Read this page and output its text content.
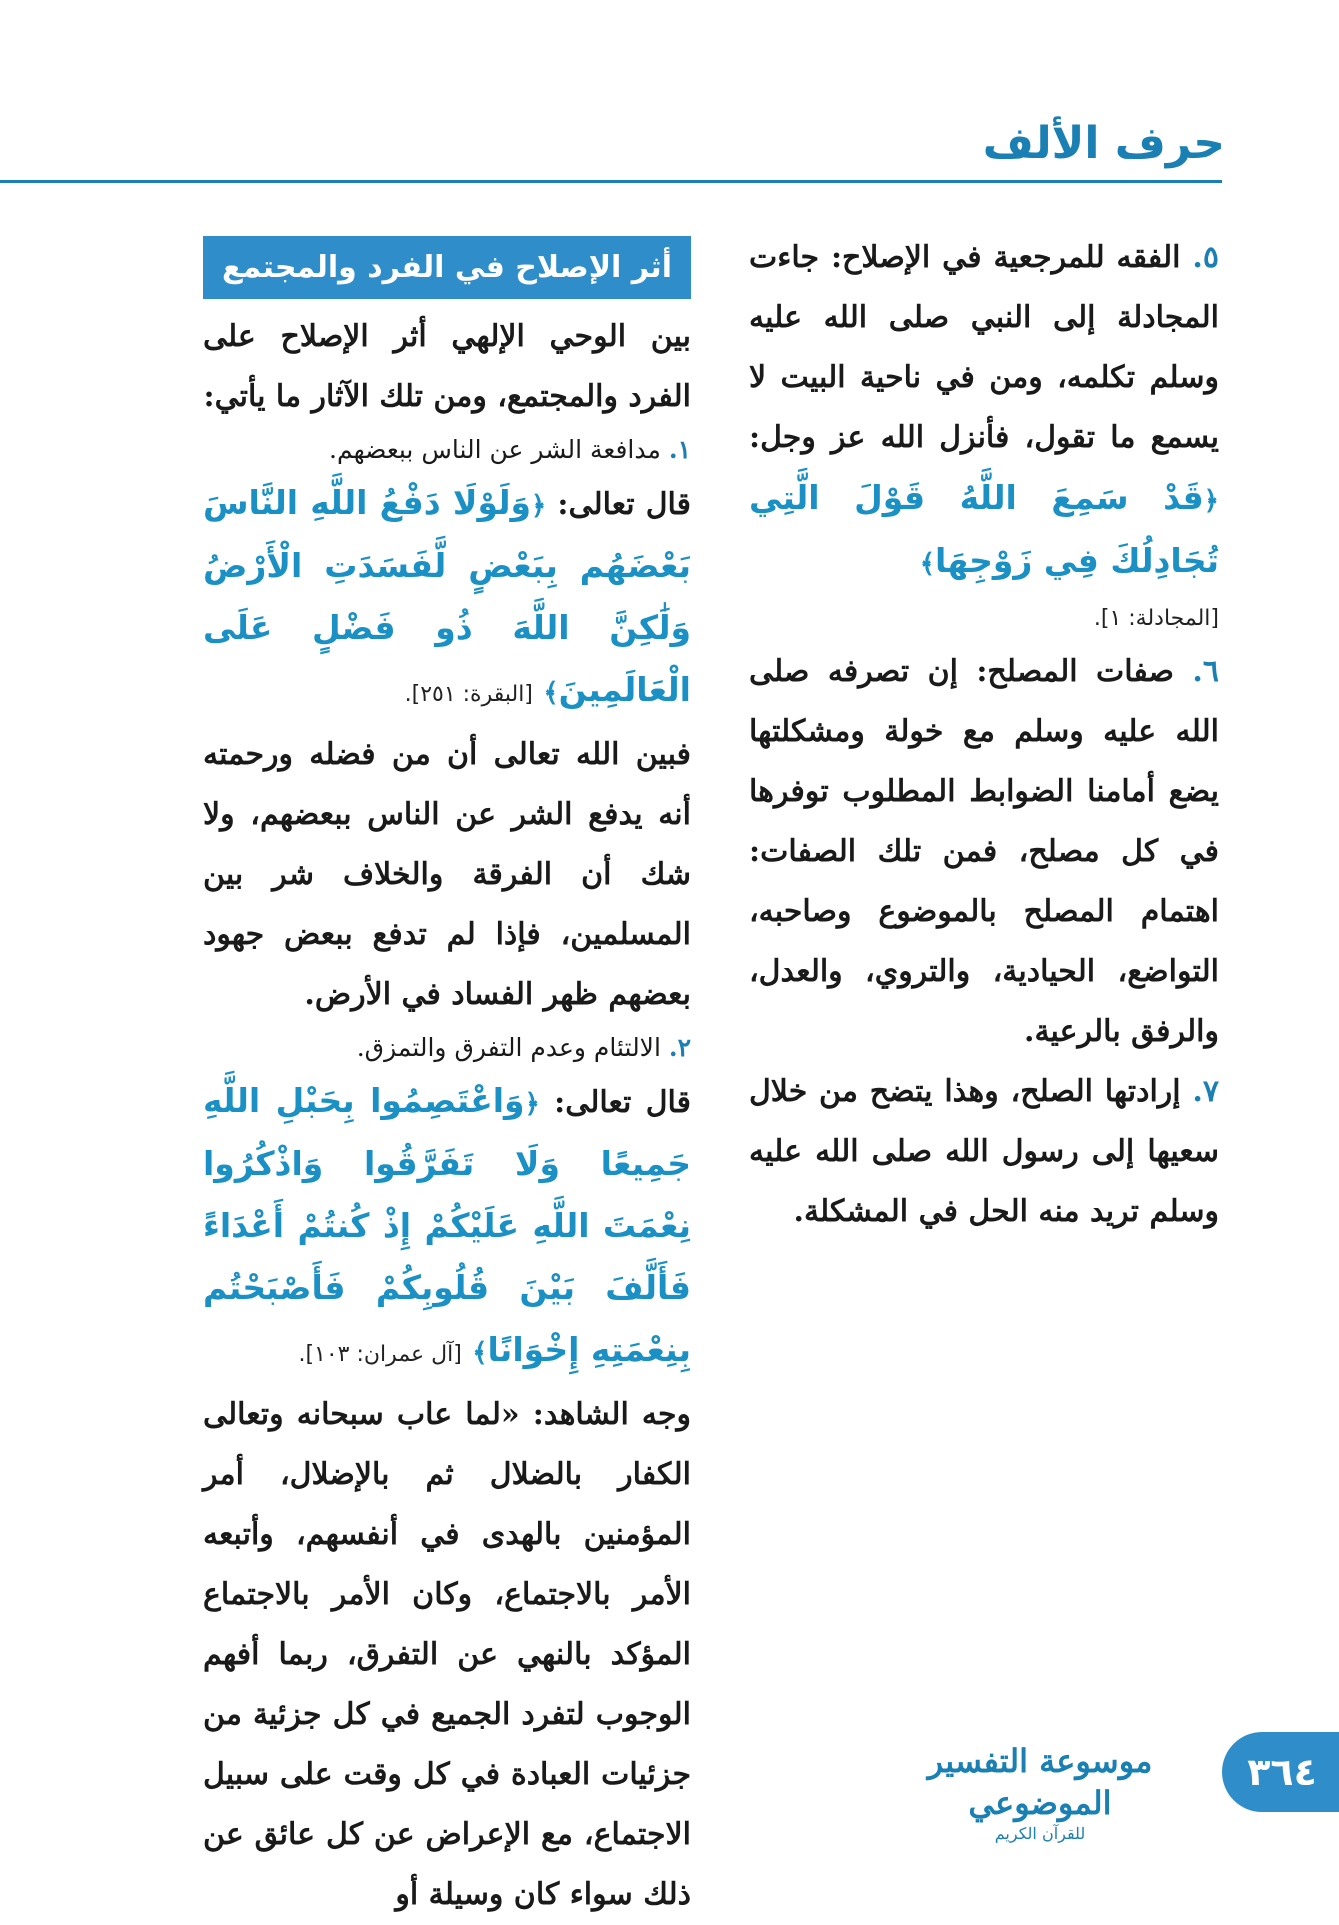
حرف الألف

٥. الفقه للمرجعية في الإصلاح: جاءت المجادلة إلى النبي صلى الله عليه وسلم تكلمه، ومن في ناحية البيت لا يسمع ما تقول، فأنزل الله عز وجل: ﴿قَدْ سَمِعَ اللَّهُ قَوْلَ الَّتِي تُجَادِلُكَ فِي زَوْجِهَا﴾

[المجادلة: ١].

٦. صفات المصلح: إن تصرفه صلى الله عليه وسلم مع خولة ومشكلتها يضع أمامنا الضوابط المطلوب توفرها في كل مصلح، فمن تلك الصفات: اهتمام المصلح بالموضوع وصاحبه، التواضع، الحيادية، والتروي، والعدل، والرفق بالرعية.

٧. إرادتها الصلح، وهذا يتضح من خلال سعيها إلى رسول الله صلى الله عليه وسلم تريد منه الحل في المشكلة.

أثر الإصلاح في الفرد والمجتمع

بين الوحي الإلهي أثر الإصلاح على الفرد والمجتمع، ومن تلك الآثار ما يأتي:

١. مدافعة الشر عن الناس ببعضهم.

قال تعالى: ﴿وَلَوْلَا دَفْعُ اللَّهِ النَّاسَ بَعْضَهُم بِبَعْضٍ لَّفَسَدَتِ الْأَرْضُ وَلَٰكِنَّ اللَّهَ ذُو فَضْلٍ عَلَى الْعَالَمِينَ﴾ [البقرة: ٢٥١].

فبين الله تعالى أن من فضله ورحمته أنه يدفع الشر عن الناس ببعضهم، ولا شك أن الفرقة والخلاف شر بين المسلمين، فإذا لم تدفع ببعض جهود بعضهم ظهر الفساد في الأرض.

٢. الالتئام وعدم التفرق والتمزق.

قال تعالى: ﴿وَاعْتَصِمُوا بِحَبْلِ اللَّهِ جَمِيعًا وَلَا تَفَرَّقُوا وَاذْكُرُوا نِعْمَتَ اللَّهِ عَلَيْكُمْ إِذْ كُنتُمْ أَعْدَاءً فَأَلَّفَ بَيْنَ قُلُوبِكُمْ فَأَصْبَحْتُم بِنِعْمَتِهِ إِخْوَانًا﴾ [آل عمران: ١٠٣].

وجه الشاهد: «لما عاب سبحانه وتعالى الكفار بالضلال ثم بالإضلال، أمر المؤمنين بالهدى في أنفسهم، وأتبعه الأمر بالاجتماع، وكان الأمر بالاجتماع المؤكد بالنهي عن التفرق، ربما أفهم الوجوب لتفرد الجميع في كل جزئية من جزئيات العبادة في كل وقت على سبيل الاجتماع، مع الإعراض عن كل عائق عن ذلك سواء كان وسيلة أو

موسوعة التفسير الموضوعي
للقرآن الكريم
٣٦٤
